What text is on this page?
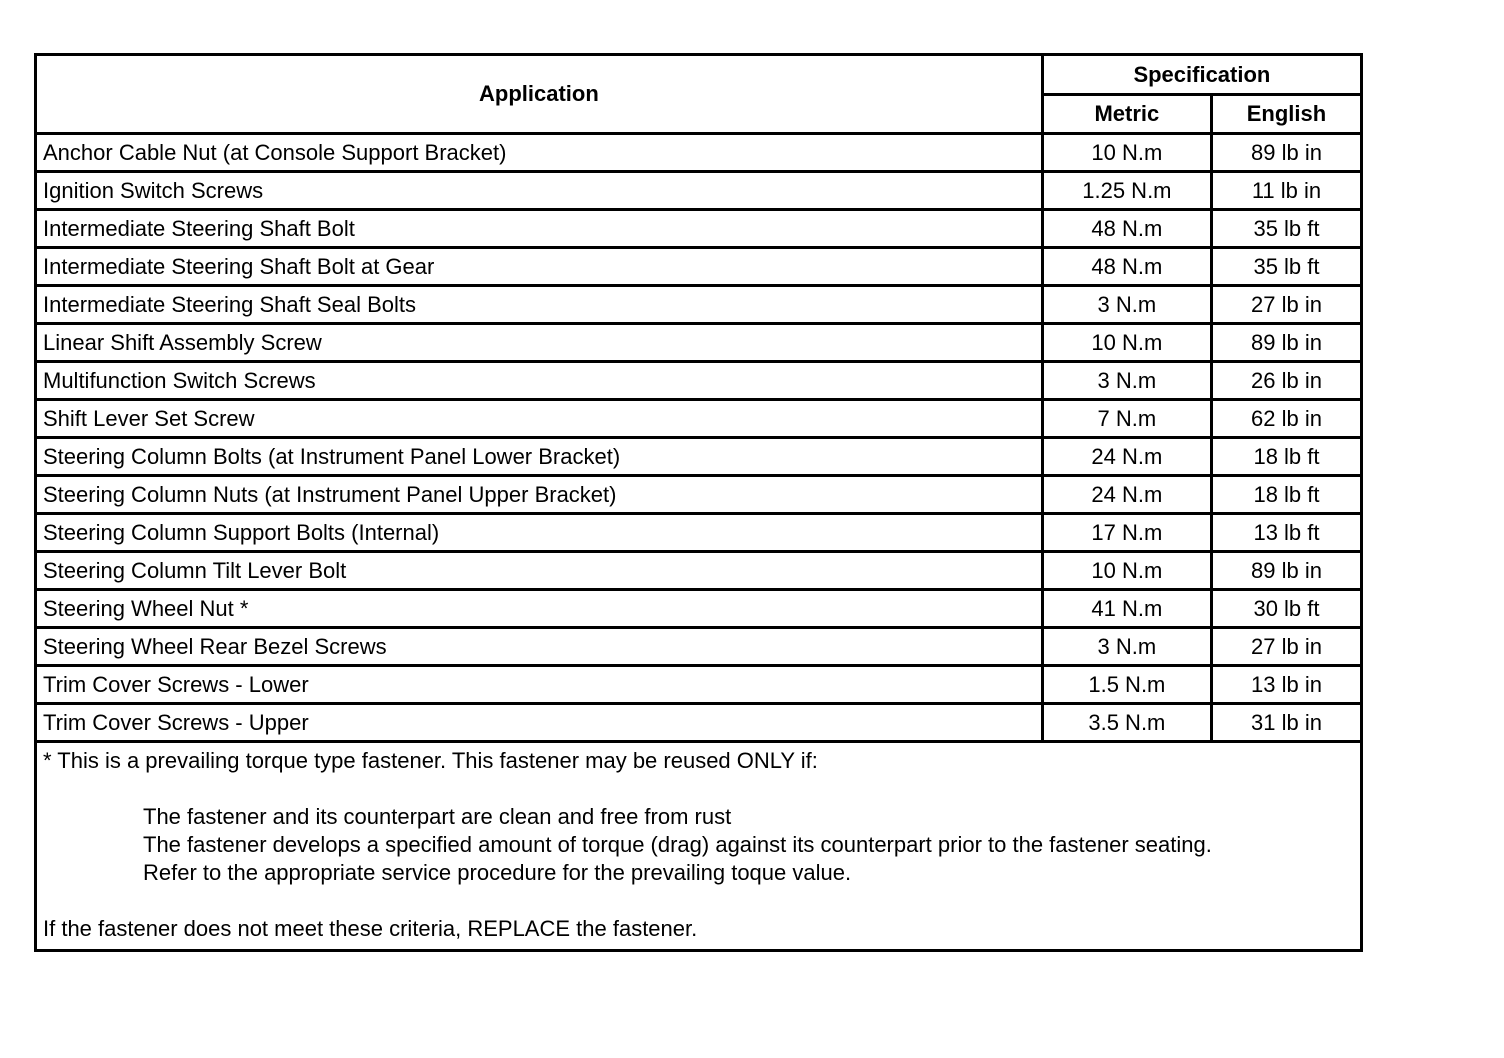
Application	Specification	
	Metric	English
Anchor Cable Nut (at Console Support Bracket)	10 N.m	89 lb in
Ignition Switch Screws	1.25 N.m	11 lb in
Intermediate Steering Shaft Bolt	48 N.m	35 lb ft
Intermediate Steering Shaft Bolt at Gear	48 N.m	35 lb ft
Intermediate Steering Shaft Seal Bolts	3 N.m	27 lb in
Linear Shift Assembly Screw	10 N.m	89 lb in
Multifunction Switch Screws	3 N.m	26 lb in
Shift Lever Set Screw	7 N.m	62 lb in
Steering Column Bolts (at Instrument Panel Lower Bracket)	24 N.m	18 lb ft
Steering Column Nuts (at Instrument Panel Upper Bracket)	24 N.m	18 lb ft
Steering Column Support Bolts (Internal)	17 N.m	13 lb ft
Steering Column Tilt Lever Bolt	10 N.m	89 lb in
Steering Wheel Nut *	41 N.m	30 lb ft
Steering Wheel Rear Bezel Screws	3 N.m	27 lb in
Trim Cover Screws - Lower	1.5 N.m	13 lb in
Trim Cover Screws - Upper	3.5 N.m	31 lb in

* This is a prevailing torque type fastener. This fastener may be reused ONLY if:
The fastener and its counterpart are clean and free from rust
The fastener develops a specified amount of torque (drag) against its counterpart prior to the fastener seating.
Refer to the appropriate service procedure for the prevailing toque value.
If the fastener does not meet these criteria, REPLACE the fastener.		
